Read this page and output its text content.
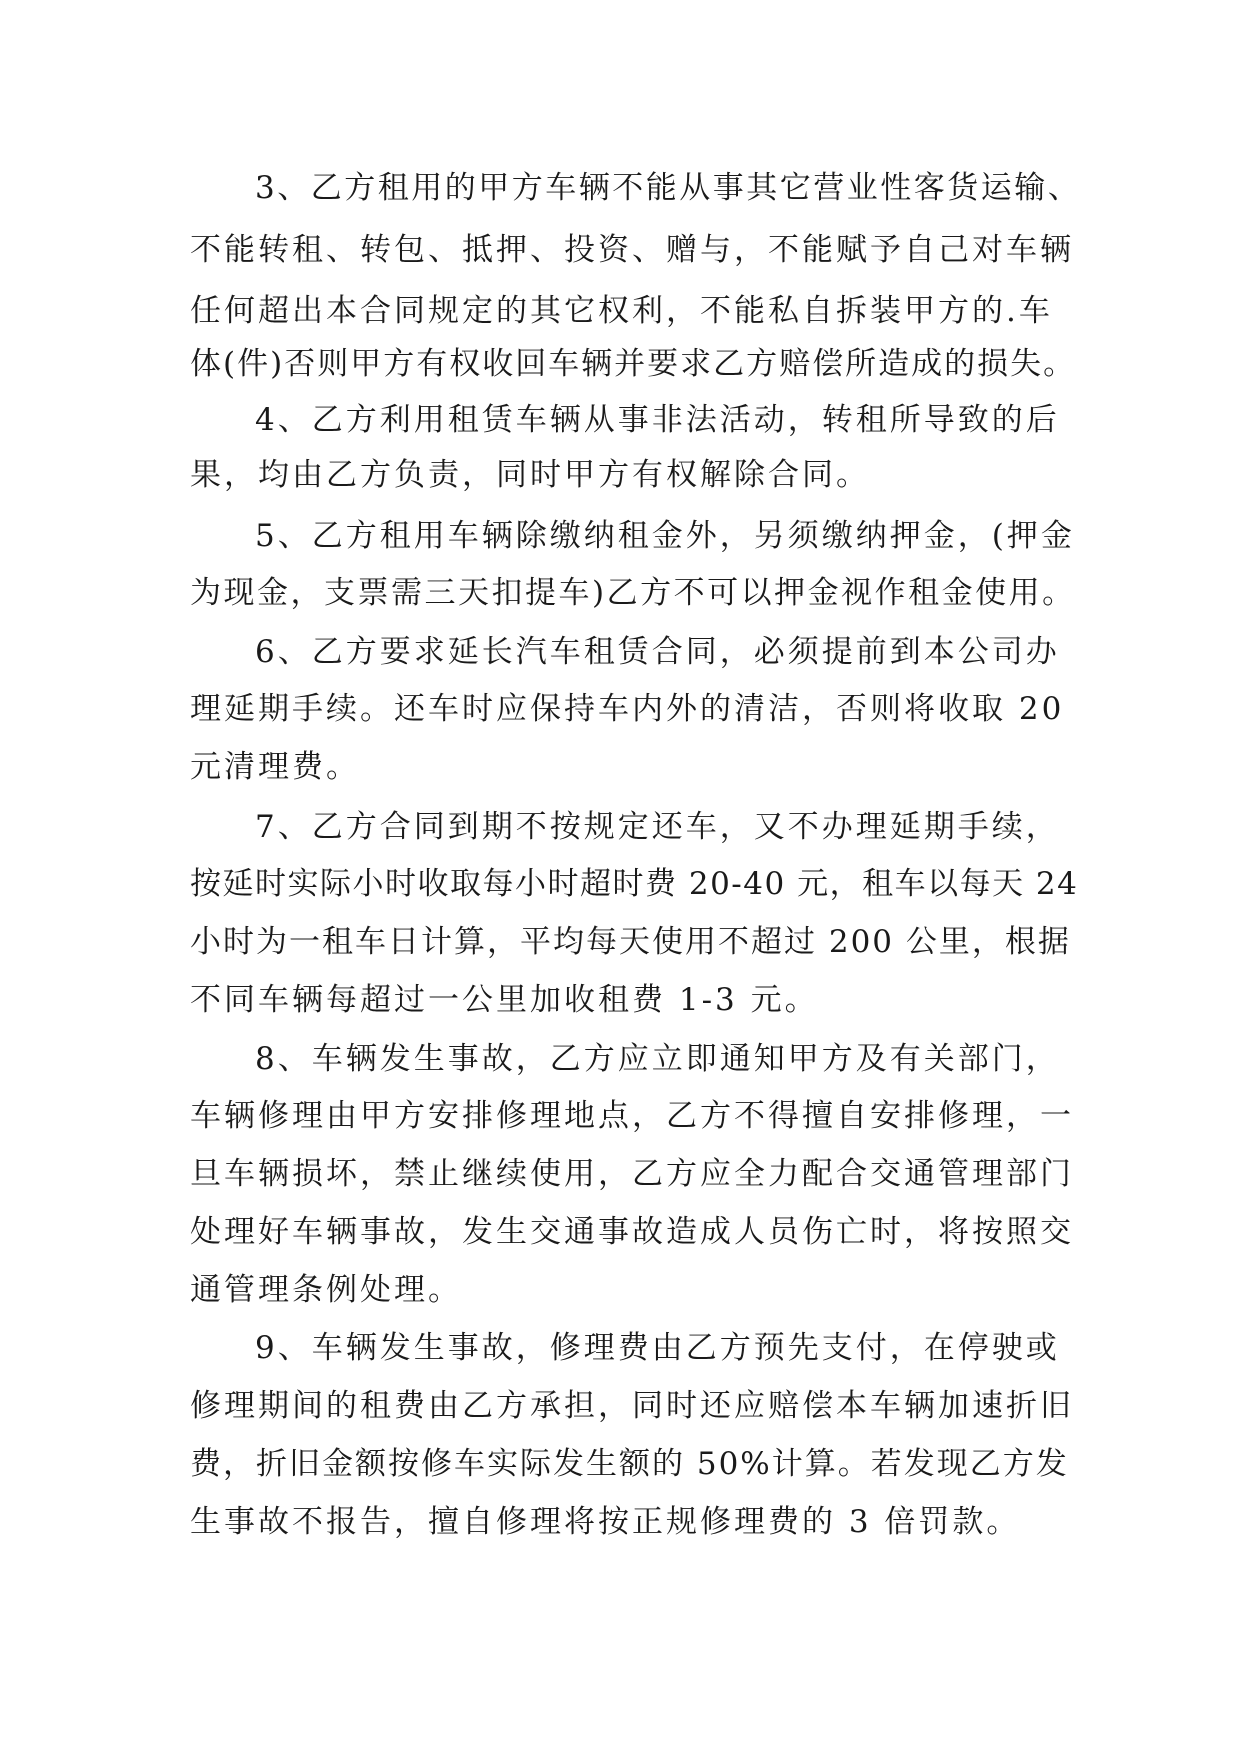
3、乙方租用的甲方车辆不能从事其它营业性客货运输、
不能转租、转包、抵押、投资、赠与，不能赋予自己对车辆
任何超出本合同规定的其它权利，不能私自拆装甲方的.车
体(件)否则甲方有权收回车辆并要求乙方赔偿所造成的损失。
4、乙方利用租赁车辆从事非法活动，转租所导致的后
果，均由乙方负责，同时甲方有权解除合同。
5、乙方租用车辆除缴纳租金外，另须缴纳押金，(押金
为现金，支票需三天扣提车)乙方不可以押金视作租金使用。
6、乙方要求延长汽车租赁合同，必须提前到本公司办
理延期手续。还车时应保持车内外的清洁，否则将收取 20
元清理费。
7、乙方合同到期不按规定还车，又不办理延期手续，
按延时实际小时收取每小时超时费 20-40 元，租车以每天 24
小时为一租车日计算，平均每天使用不超过 200 公里，根据
不同车辆每超过一公里加收租费 1-3 元。
8、车辆发生事故，乙方应立即通知甲方及有关部门，
车辆修理由甲方安排修理地点，乙方不得擅自安排修理，一
旦车辆损坏，禁止继续使用，乙方应全力配合交通管理部门
处理好车辆事故，发生交通事故造成人员伤亡时，将按照交
通管理条例处理。
9、车辆发生事故，修理费由乙方预先支付，在停驶或
修理期间的租费由乙方承担，同时还应赔偿本车辆加速折旧
费，折旧金额按修车实际发生额的 50%计算。若发现乙方发
生事故不报告，擅自修理将按正规修理费的 3 倍罚款。
